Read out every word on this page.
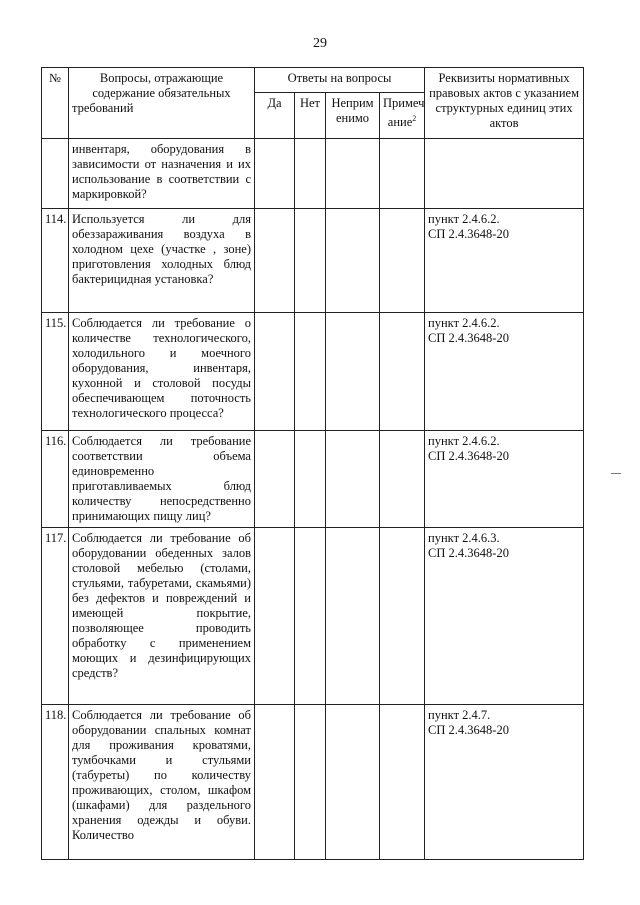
29
№	Вопросы, отражающие содержание обязательных требований	Ответы на вопросы				Реквизиты нормативных правовых актов с указанием структурных единиц этих актов
		Да	Нет	Неприм енимо	Примеч ание$^2$
	инвентаря, оборудования в зависимости от назначения и их использование в соответствии с маркировкой?					

114.	Используется ли для обеззараживания воздуха в холодном цехе (участке , зоне) приготовления холодных блюд бактерицидная установка?					пункт 2.4.6.2.
СП 2.4.3648-20

115.	Соблюдается ли требование о количестве технологического, холодильного и моечного оборудования, инвентаря, кухонной и столовой посуды обеспечивающем поточность технологического процесса?					пункт 2.4.6.2.
СП 2.4.3648-20

116.	Соблюдается ли требование соответствии объема единовременно приготавливаемых блюд количеству непосредственно принимающих пищу лиц?					пункт 2.4.6.2.
СП 2.4.3648-20

117.	Соблюдается ли требование об оборудовании обеденных залов столовой мебелью (столами, стульями, табуретами, скамьями) без дефектов и повреждений и имеющей покрытие, позволяющее проводить обработку с применением моющих и дезинфицирующих средств?					пункт 2.4.6.3.
СП 2.4.3648-20

118.	Соблюдается ли требование об оборудовании спальных комнат для проживания кроватями, тумбочками и стульями (табуреты) по количеству проживающих, столом, шкафом (шкафами) для раздельного хранения одежды и обуви. Количество					пункт 2.4.7.
СП 2.4.3648-20
